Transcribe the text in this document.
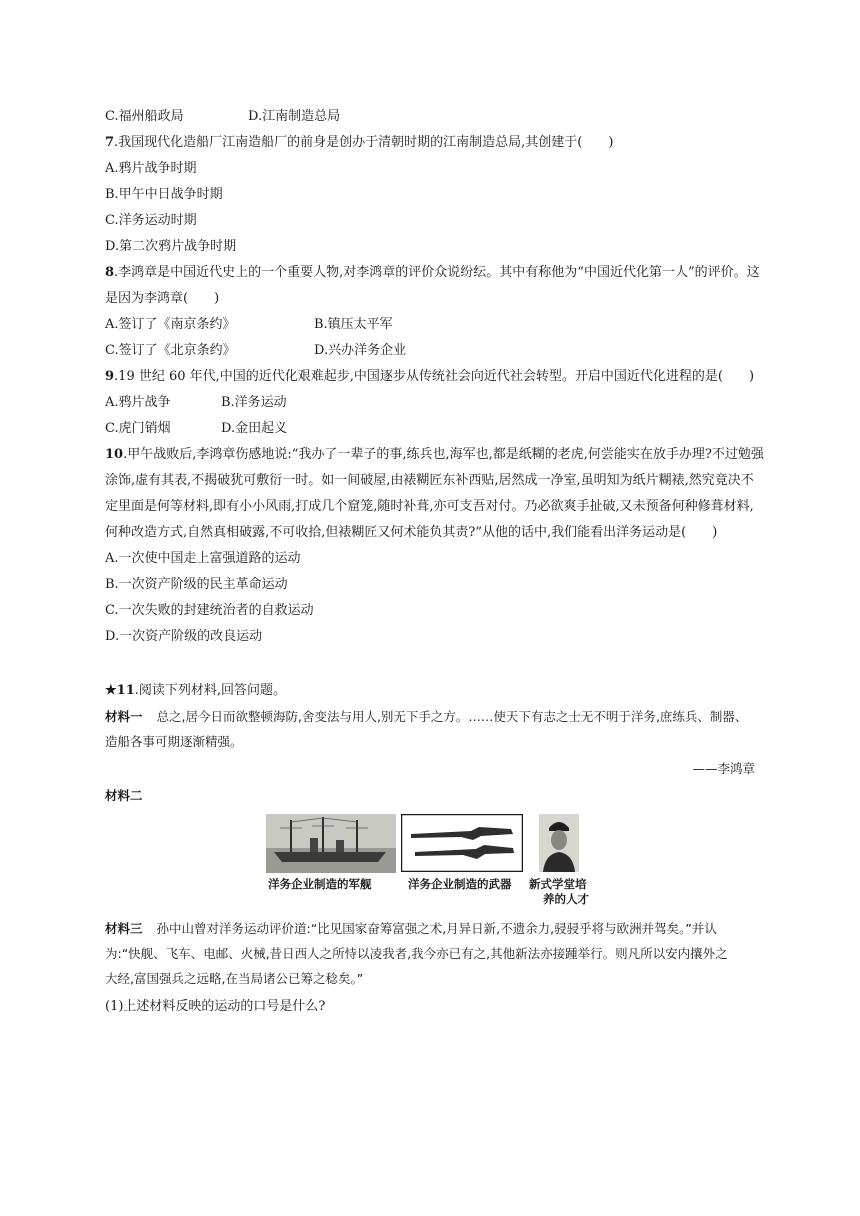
C.福州船政局	D.江南制造总局
7.我国现代化造船厂江南造船厂的前身是创办于清朝时期的江南制造总局,其创建于(　　)
A.鸦片战争时期
B.甲午中日战争时期
C.洋务运动时期
D.第二次鸦片战争时期
8.李鸿章是中国近代史上的一个重要人物,对李鸿章的评价众说纷纭。其中有称他为“中国近代化第一人”的评价。这
是因为李鸿章(　　)
A.签订了《南京条约》	B.镇压太平军
C.签订了《北京条约》	D.兴办洋务企业
9.19 世纪 60 年代,中国的近代化艰难起步,中国逐步从传统社会向近代社会转型。开启中国近代化进程的是(　　)
A.鸦片战争	B.洋务运动
C.虎门销烟	D.金田起义
10.甲午战败后,李鸿章伤感地说:“我办了一辈子的事,练兵也,海军也,都是纸糊的老虎,何尝能实在放手办理?不过勉强
涂饰,虚有其表,不揭破犹可敷衍一时。如一间破屋,由裱糊匠东补西贴,居然成一净室,虽明知为纸片糊裱,然究竟决不
定里面是何等材料,即有小小风雨,打成几个窟笼,随时补葺,亦可支吾对付。乃必欲爽手扯破,又未预备何种修葺材料,
何种改造方式,自然真相破露,不可收拾,但裱糊匠又何术能负其责?”从他的话中,我们能看出洋务运动是(　　)
A.一次使中国走上富强道路的运动
B.一次资产阶级的民主革命运动
C.一次失败的封建统治者的自救运动
D.一次资产阶级的改良运动
★11.阅读下列材料,回答问题。
材料一 总之,居今日而欲整顿海防,舍变法与用人,别无下手之方。……使天下有志之士无不明于洋务,庶练兵、制器、
造船各事可期逐渐精强。
——李鸿章
材料二
洋务企业制造的军舰	洋务企业制造的武器 新式学堂培
养的人才
材料三 孙中山曾对洋务运动评价道:“比见国家奋筹富强之术,月异日新,不遗余力,骎骎乎将与欧洲并驾矣。”并认
为:“快舰、飞车、电邮、火械,昔日西人之所恃以凌我者,我今亦已有之,其他新法亦接踵举行。则凡所以安内攘外之
大经,富国强兵之远略,在当局诸公已筹之稔矣。”
(1)上述材料反映的运动的口号是什么?
